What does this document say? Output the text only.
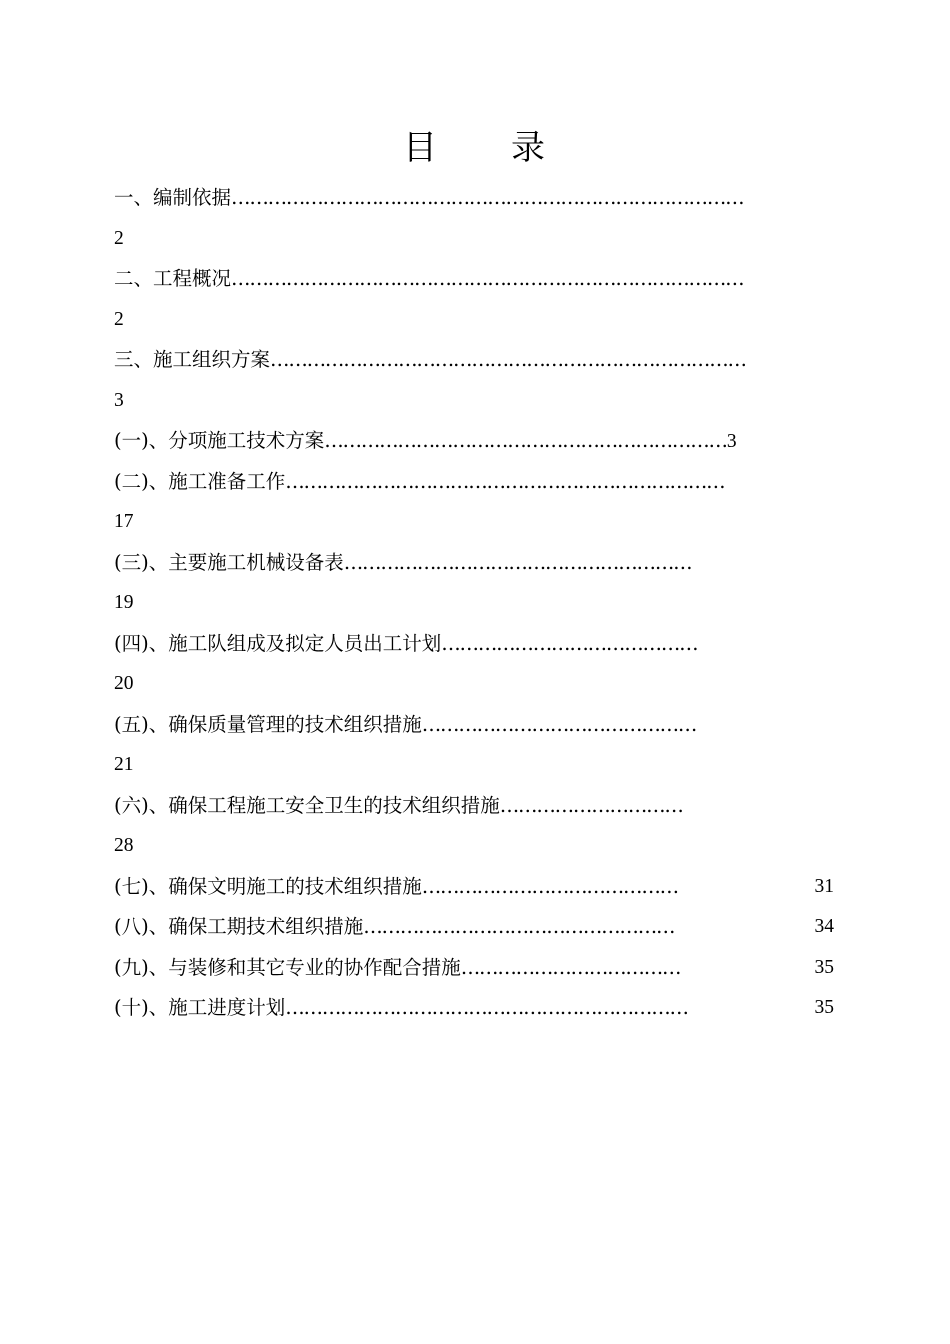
目 录
一、编制依据…………………………………………………………………………
2
二、工程概况…………………………………………………………………………
2
三、施工组织方案……………………………………………………………………
3
(一)、分项施工技术方案…………………………………………………………3
(二)、施工准备工作………………………………………………………………
17
(三)、主要施工机械设备表…………………………………………………
19
(四)、施工队组成及拟定人员出工计划……………………………………
20
(五)、确保质量管理的技术组织措施………………………………………
21
(六)、确保工程施工安全卫生的技术组织措施…………………………
28
(七)、确保文明施工的技术组织措施……………………………………	31
(八)、确保工期技术组织措施……………………………………………	34
(九)、与装修和其它专业的协作配合措施………………………………	35
(十)、施工进度计划…………………………………………………………	35
